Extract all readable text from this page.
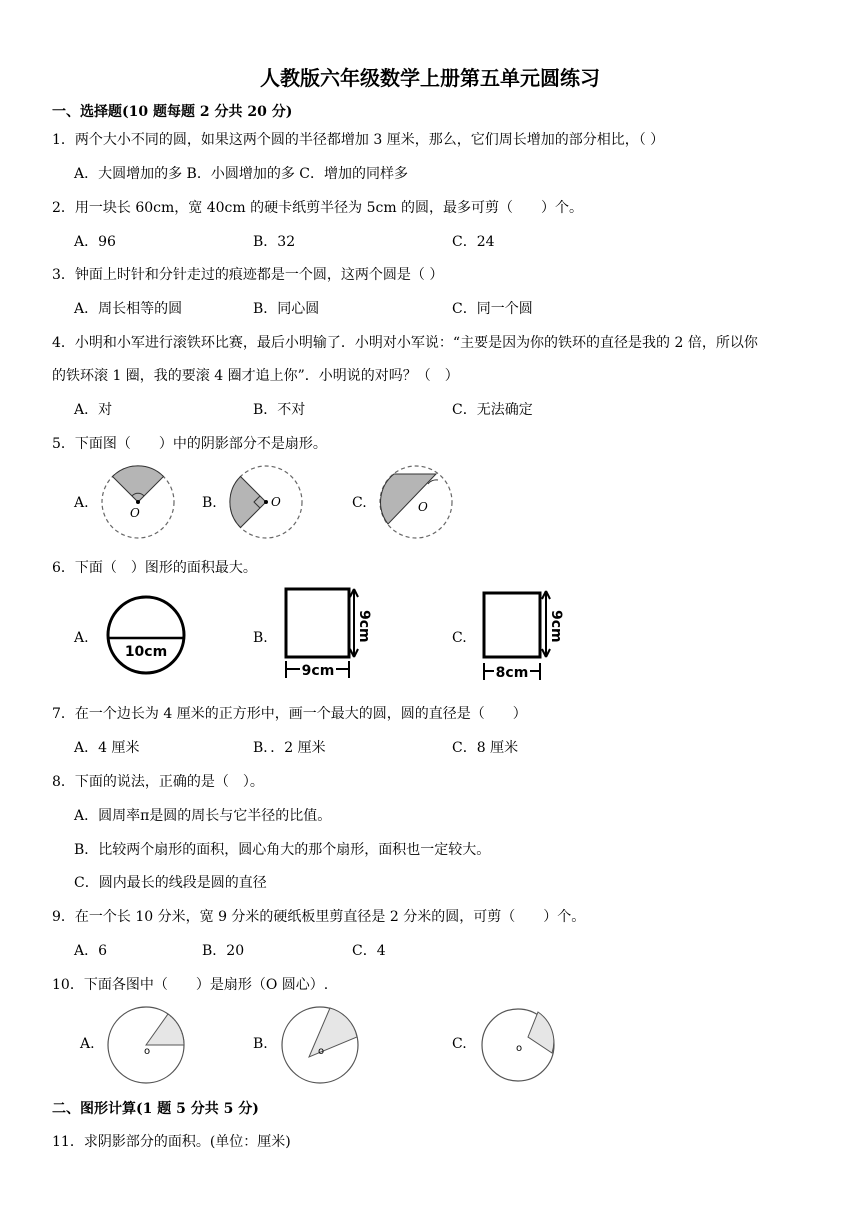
人教版六年级数学上册第五单元圆练习
一、选择题(10 题每题 2 分共 20 分)
1．两个大小不同的圆，如果这两个圆的半径都增加 3 厘米，那么，它们周长增加的部分相比，（ ）
A．大圆增加的多 B．小圆增加的多 C．增加的同样多
2．用一块长 60cm，宽 40cm 的硬卡纸剪半径为 5cm 的圆，最多可剪（　　）个。
A．96	B．32	C．24
3．钟面上时针和分针走过的痕迹都是一个圆，这两个圆是（ ）
A．周长相等的圆	B．同心圆	C．同一个圆
4．小明和小军进行滚铁环比赛，最后小明输了．小明对小军说：“主要是因为你的铁环的直径是我的 2 倍，所以你
的铁环滚 1 圈，我的要滚 4 圈才追上你”．小明说的对吗？（　）
A．对	B．不对	C．无法确定
5．下面图（　　）中的阴影部分不是扇形。
A.	B.	C.
O
O	O
6．下面（　）图形的面积最大。
A.	B.	C.
10cm
9cm
9cm
9cm
8cm
7．在一个边长为 4 厘米的正方形中，画一个最大的圆，圆的直径是（　　）
A．4 厘米	B．．2 厘米	C．8 厘米
8．下面的说法，正确的是（　）。
A．圆周率π是圆的周长与它半径的比值。
B．比较两个扇形的面积，圆心角大的那个扇形，面积也一定较大。
C．圆内最长的线段是圆的直径
9．在一个长 10 分米，宽 9 分米的硬纸板里剪直径是 2 分米的圆，可剪（　　）个。
A．6	B．20	C．4
10．下面各图中（　　）是扇形（O 圆心）.
A.	B.	C.
o	o	o
二、图形计算(1 题 5 分共 5 分)
11．求阴影部分的面积。(单位：厘米)
